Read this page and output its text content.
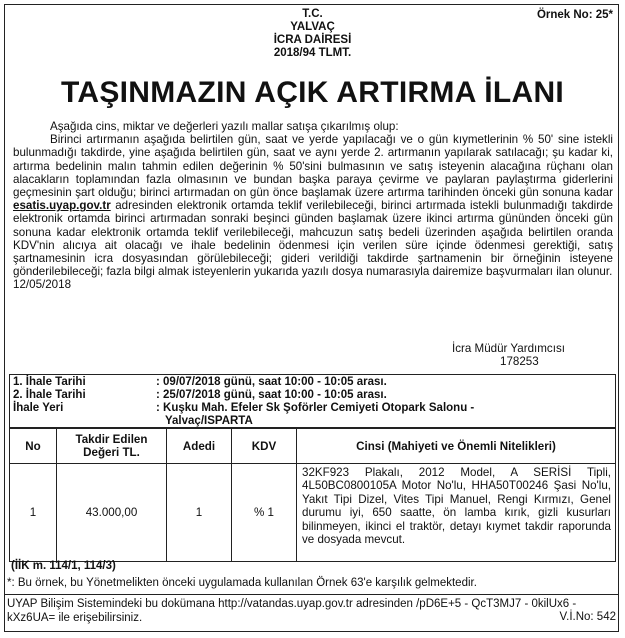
T.C.
YALVAÇ
İCRA DAİRESİ
2018/94 TLMT.
Örnek No: 25*
TAŞINMAZIN AÇIK ARTIRMA İLANI

Aşağıda cins, miktar ve değerleri yazılı mallar satışa çıkarılmış olup:

Birinci artırmanın aşağıda belirtilen gün, saat ve yerde yapılacağı ve o gün kıymetlerinin % 50' sine istekli bulunmadığı takdirde, yine aşağıda belirtilen gün, saat ve aynı yerde 2. artırmanın yapılarak satılacağı; şu kadar ki, artırma bedelinin malın tahmin edilen değerinin % 50'sini bulmasının ve satış isteyenin alacağına rüçhanı olan alacakların toplamından fazla olmasının ve bundan başka paraya çevirme ve paylaran paylaştırma giderlerini geçmesinin şart olduğu; birinci artırmadan on gün önce başlamak üzere artırma tarihinden önceki gün sonuna kadar esatis.uyap.gov.tr adresinden elektronik ortamda teklif verilebileceği, birinci artırmada istekli bulunmadığı takdirde elektronik ortamda birinci artırmadan sonraki beşinci günden başlamak üzere ikinci artırma gününden önceki gün sonuna kadar elektronik ortamda teklif verilebileceği, mahcuzun satış bedeli üzerinden aşağıda belirtilen oranda KDV'nin alıcıya ait olacağı ve ihale bedelinin ödenmesi için verilen süre içinde ödenmesi gerektiği, satış şartnamesinin icra dosyasından görülebileceği; gideri verildiği takdirde şartnamenin bir örneğinin isteyene gönderilebileceği; fazla bilgi almak isteyenlerin yukarıda yazılı dosya numarasıyla dairemize başvurmaları ilan olunur.

12/05/2018

İcra Müdür Yardımcısı
178253
1. İhale Tarihi	: 09/07/2018 günü, saat 10:00 - 10:05 arası.
2. İhale Tarihi	: 25/07/2018 günü, saat 10:00 - 10:05 arası.
İhale Yeri	: Kuşku Mah. Efeler Sk Şoförler Cemiyeti Otopark Salonu -
Yalvaç/ISPARTA
No	Takdir Edilen Değeri TL.	Adedi	KDV	Cinsi (Mahiyeti ve Önemli Nitelikleri)
1	43.000,00	1	% 1	32KF923 Plakalı, 2012 Model, A SERİSİ Tipli, 4L50BC0800105A Motor No'lu, HHA50T00246 Şasi No'lu, Yakıt Tipi Dizel, Vites Tipi Manuel, Rengi Kırmızı, Genel durumu iyi, 650 saatte, ön lamba kırık, gizli kusurları bilinmeyen, ikinci el traktör, detayı kıymet takdir raporunda ve dosyada mevcut.
(İİK m. 114/1, 114/3)
*: Bu örnek, bu Yönetmelikten önceki uygulamada kullanılan Örnek 63'e karşılık gelmektedir.
UYAP Bilişim Sistemindeki bu dokümana http://vatandas.uyap.gov.tr adresinden /pD6E+5 - QcT3MJ7 - 0kilUx6 - kXz6UA= ile erişebilirsiniz.	V.İ.No: 542
